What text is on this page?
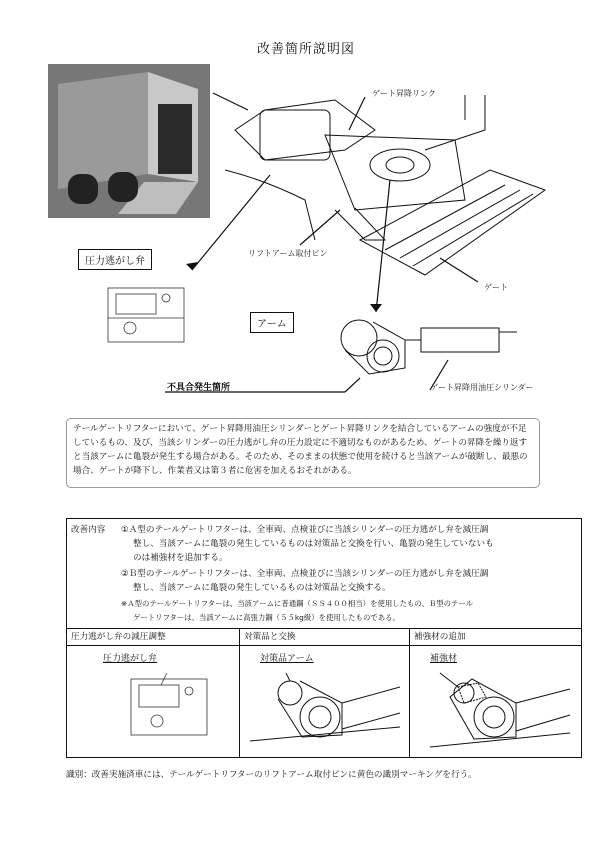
改善箇所説明図
ゲート昇降リンク
リフトアーム取付ピン
ゲート
圧力逃がし弁
アーム
不具合発生箇所	ゲート昇降用油圧シリンダー
テールゲートリフターにおいて、ゲート昇降用油圧シリンダーとゲート昇降リンクを結合しているアームの強度が不足しているもの、及び、当該シリンダーの圧力逃がし弁の圧力設定に不適切なものがあるため、ゲートの昇降を繰り返すと当該アームに亀裂が発生する場合がある。そのため、そのままの状態で使用を続けると当該アームが破断し、最悪の場合、ゲートが降下し、作業者又は第３者に危害を加えるおそれがある。
改善内容 ①Ａ型のテールゲートリフターは、全車両、点検並びに当該シリンダーの圧力逃がし弁を減圧調
整し、当該アームに亀裂の発生しているものは対策品と交換を行い、亀裂の発生していないも
のは補強材を追加する。
②Ｂ型のテールゲートリフターは、全車両、点検並びに当該シリンダーの圧力逃がし弁を減圧調
整し、当該アームに亀裂の発生しているものは対策品と交換する。
※Ａ型のテールゲートリフターは、当該アームに普通鋼（ＳＳ４００相当）を使用したもの、Ｂ型のテール
ゲートリフターは、当該アームに高張力鋼（５５kg級）を使用したものである。
圧力逃がし弁の減圧調整
圧力逃がし弁
対策品と交換
対策品アーム
補強材の追加
補強材
識別：改善実施済車には、テールゲートリフターのリフトアーム取付ピンに黄色の識別マーキングを行う。
